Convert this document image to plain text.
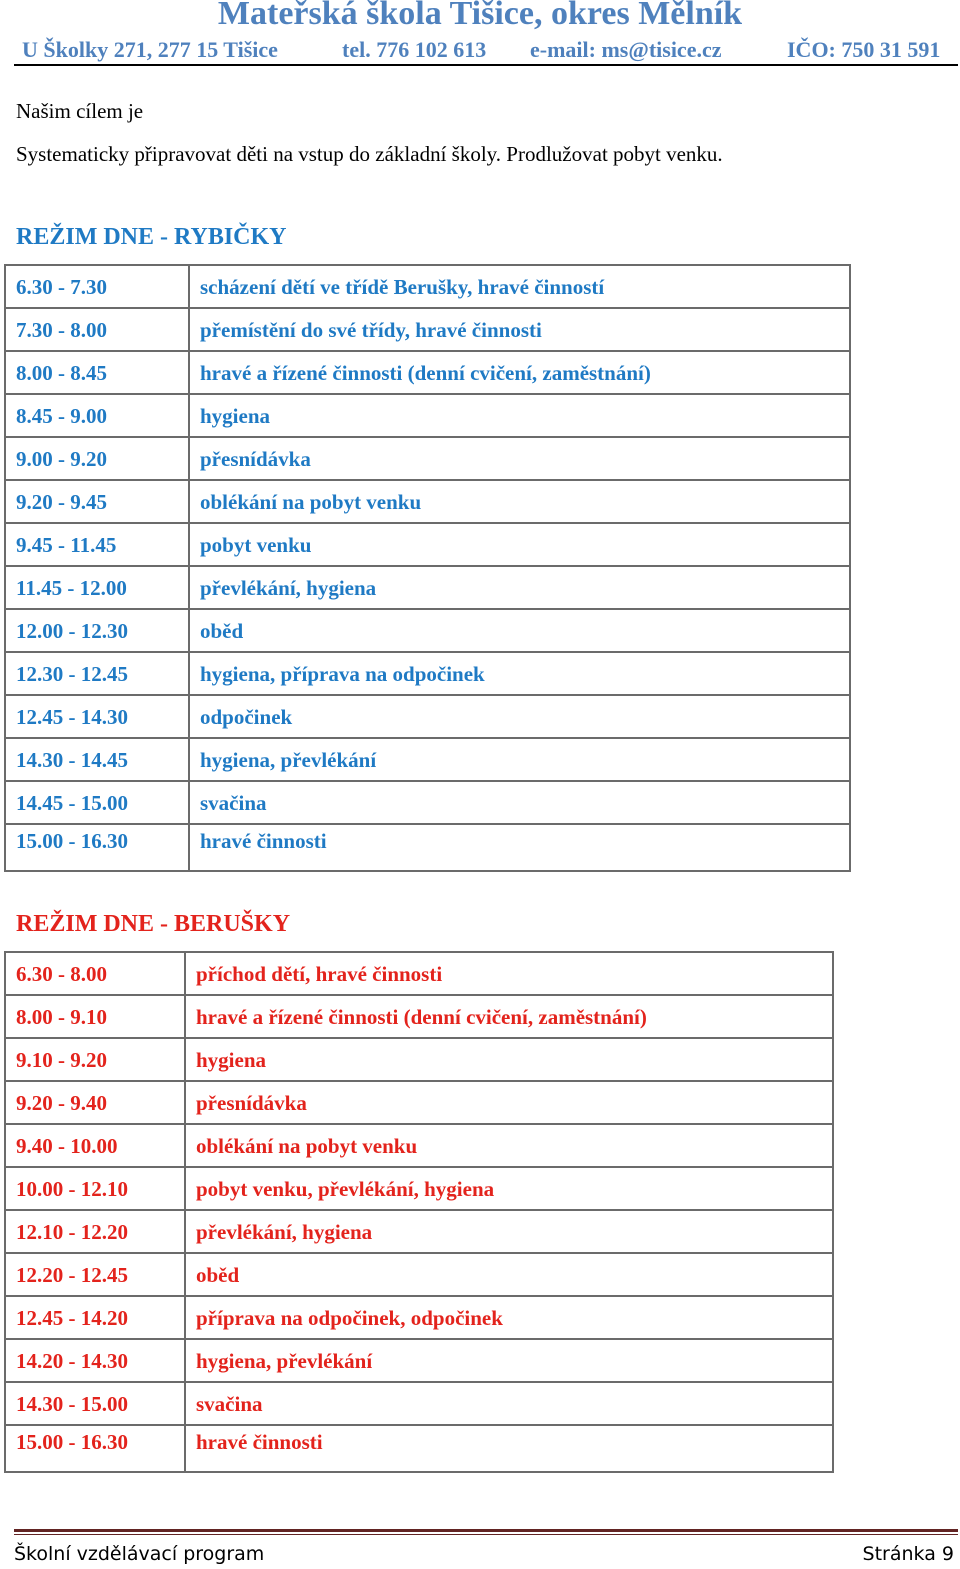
Mateřská škola Tišice, okres Mělník
U Školky 271, 277 15 Tišice	tel. 776 102 613 e-mail: ms@tisice.cz	IČO: 750 31 591
Našim cílem je
Systematicky připravovat děti na vstup do základní školy. Prodlužovat pobyt venku.
REŽIM DNE - RYBIČKY
6.30 - 7.30	scházení dětí ve třídě Berušky, hravé činností
7.30 - 8.00	přemístění do své třídy, hravé činnosti
8.00 - 8.45	hravé a řízené činnosti (denní cvičení, zaměstnání)
8.45 - 9.00	hygiena
9.00 - 9.20	přesnídávka
9.20 - 9.45	oblékání na pobyt venku
9.45 - 11.45	pobyt venku
11.45 - 12.00	převlékání, hygiena
12.00 - 12.30	oběd
12.30 - 12.45	hygiena, příprava na odpočinek
12.45 - 14.30	odpočinek
14.30 - 14.45	hygiena, převlékání
14.45 - 15.00	svačina
15.00 - 16.30	hravé činnosti
REŽIM DNE - BERUŠKY
6.30 - 8.00	příchod dětí, hravé činnosti
8.00 - 9.10	hravé a řízené činnosti (denní cvičení, zaměstnání)
9.10 - 9.20	hygiena
9.20 - 9.40	přesnídávka
9.40 - 10.00	oblékání na pobyt venku
10.00 - 12.10	pobyt venku, převlékání, hygiena
12.10 - 12.20	převlékání, hygiena
12.20 - 12.45	oběd
12.45 - 14.20	příprava na odpočinek, odpočinek
14.20 - 14.30	hygiena, převlékání
14.30 - 15.00	svačina
15.00 - 16.30	hravé činnosti
Školní vzdělávací program	Stránka 9
